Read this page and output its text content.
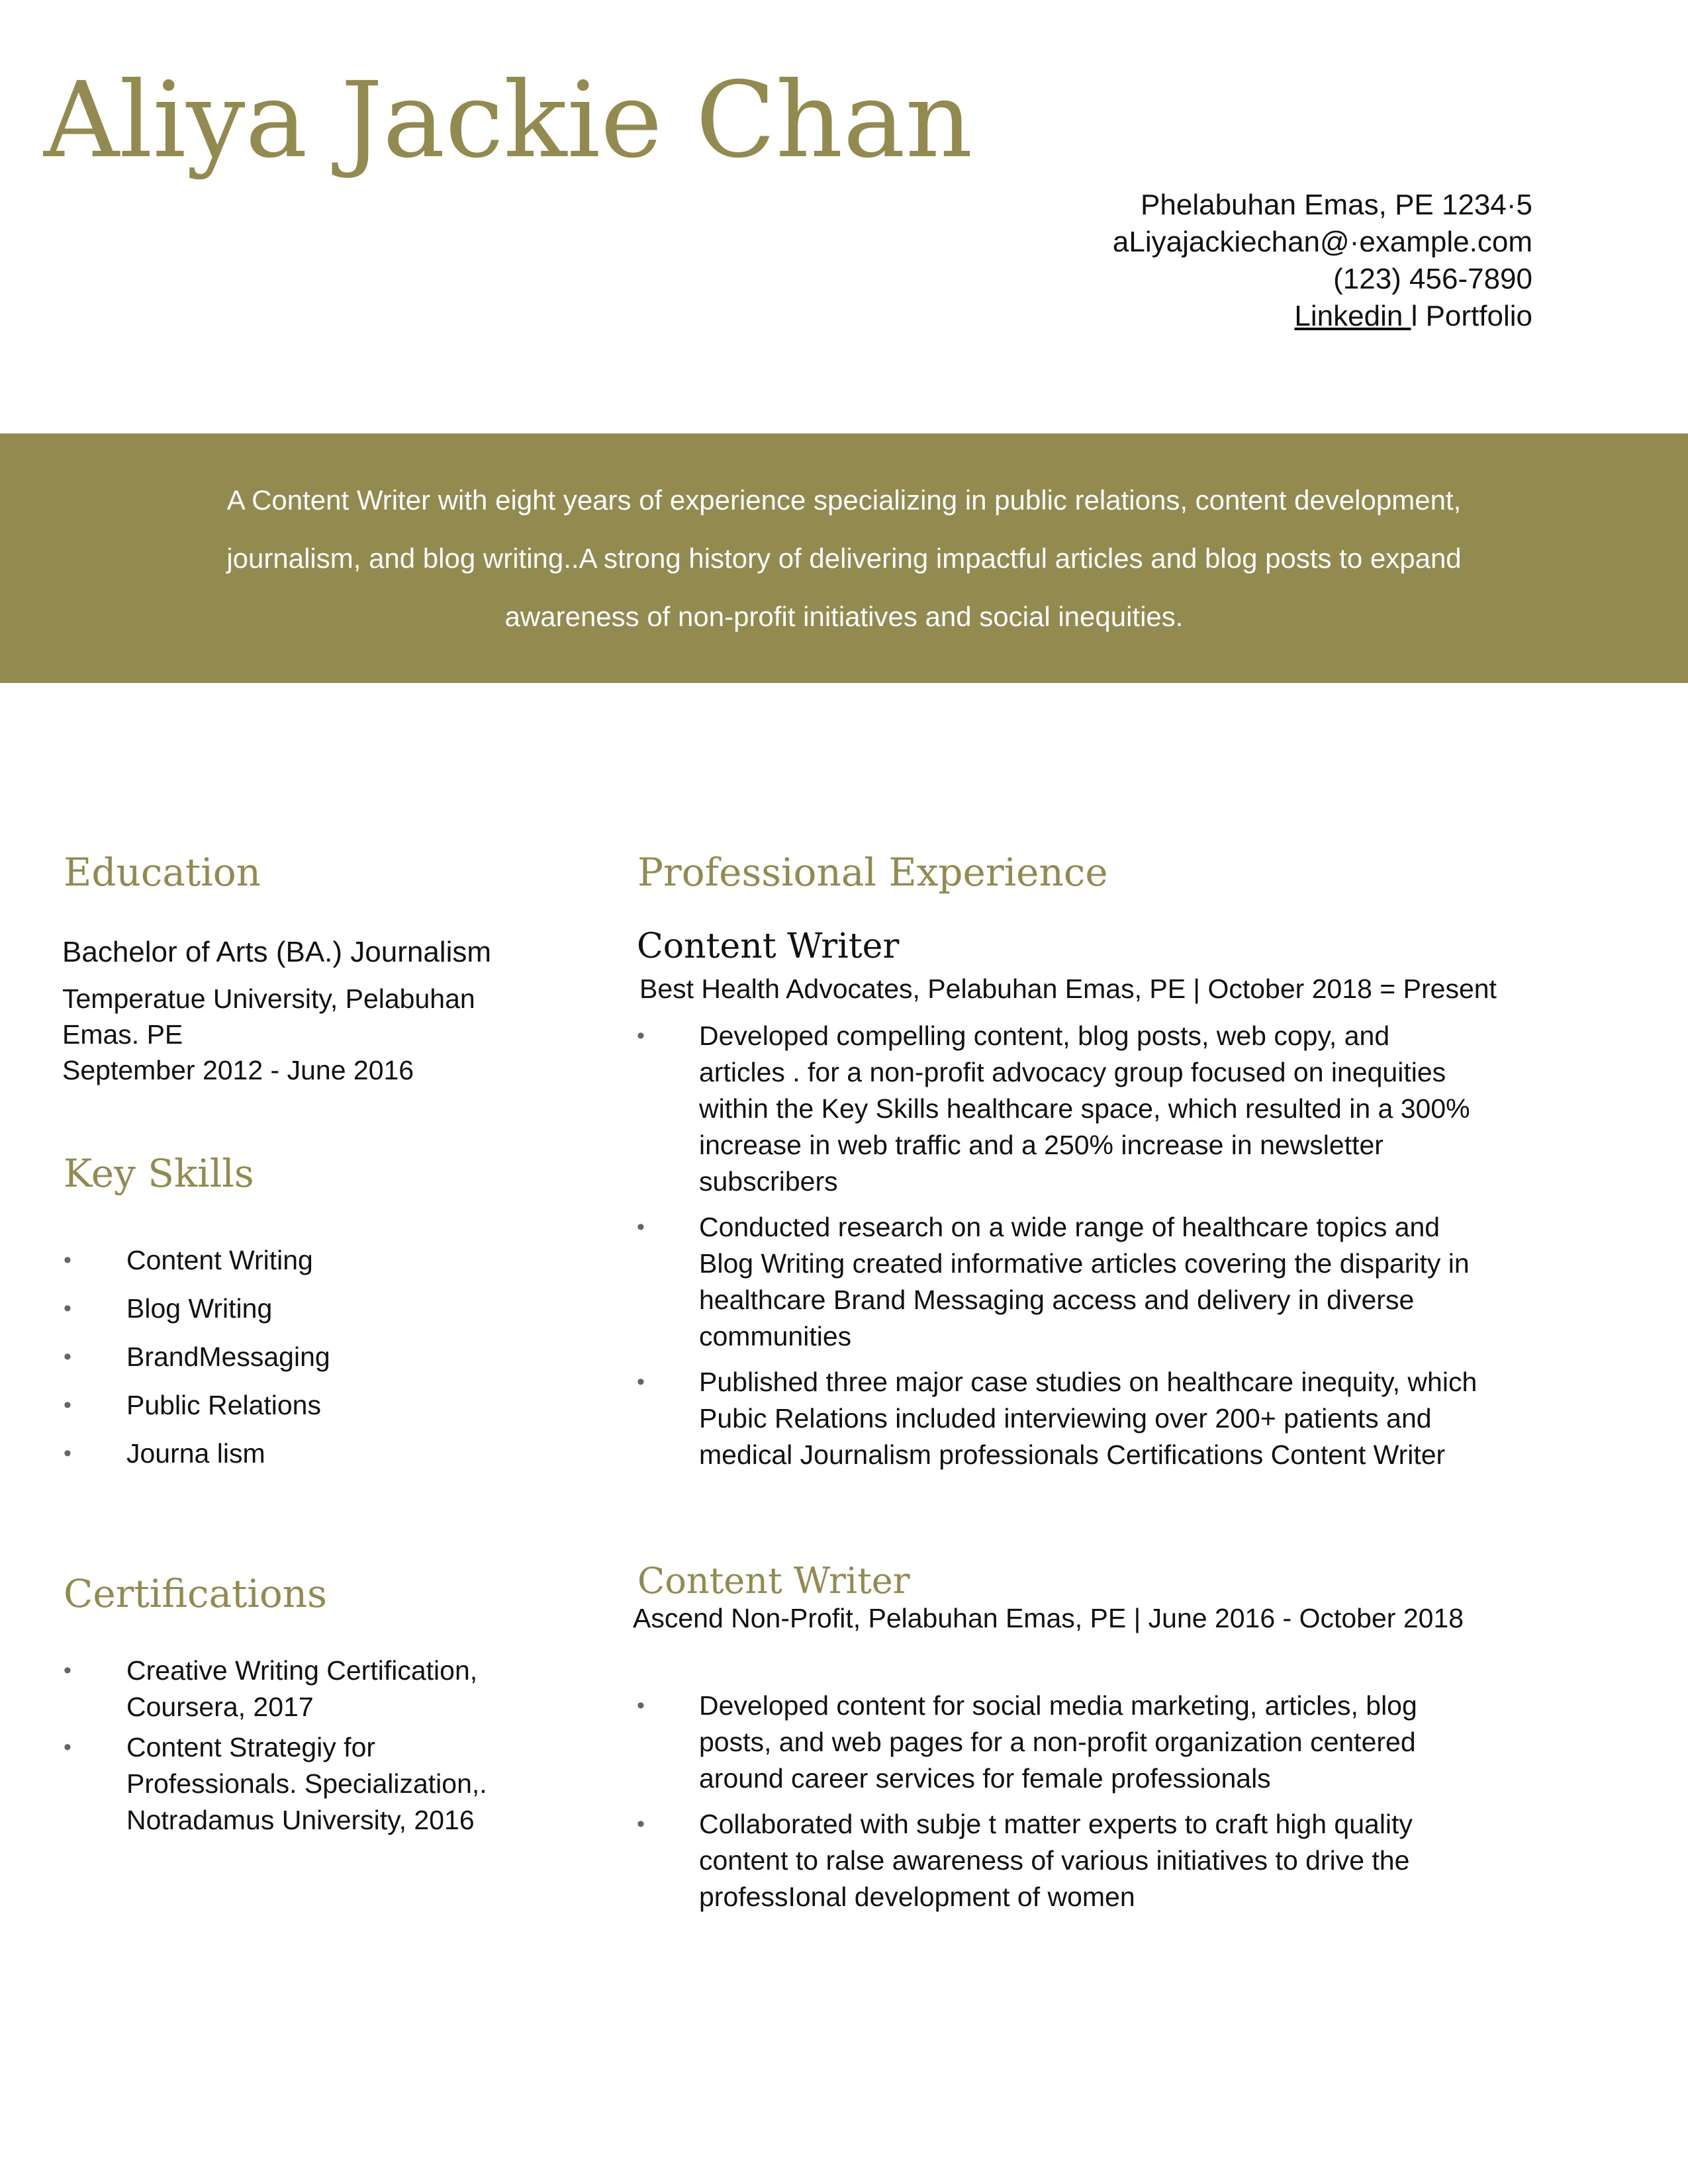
Aliya Jackie Chan
Phelabuhan Emas, PE 1234·5
aLiyajackiechan@·example.com
(123) 456-7890
Linkedin l Portfolio

A Content Writer with eight years of experience specializing in public relations, content development, journalism, and blog writing..A strong history of delivering impactful articles and blog posts to expand awareness of non-profit initiatives and social inequities.

Education
Bachelor of Arts (BA.) Journalism
Temperatue University, Pelabuhan Emas. PE
September 2012 - June 2016
Key Skills
• Content Writing
• Blog Writing
• BrandMessaging
• Public Relations
• Journa lism
Certifications
• Creative Writing Certification, Coursera, 2017
• Content Strategiy for Professionals. Specialization,. Notradamus University, 2016
Professional Experience
Content Writer
Best Health Advocates, Pelabuhan Emas, PE | October 2018 = Present
• Developed compelling content, blog posts, web copy, and articles . for a non-profit advocacy group focused on inequities within the Key Skills healthcare space, which resulted in a 300% increase in web traffic and a 250% increase in newsletter subscribers
• Conducted research on a wide range of healthcare topics and Blog Writing created informative articles covering the disparity in healthcare Brand Messaging access and delivery in diverse communities
• Published three major case studies on healthcare inequity, which Pubic Relations included interviewing over 200+ patients and medical Journalism professionals Certifications Content Writer
Content Writer
Ascend Non-Profit, Pelabuhan Emas, PE | June 2016 - October 2018
• Developed content for social media marketing, articles, blog posts, and web pages for a non-profit organization centered around career services for female professionals
• Collaborated with subje t matter experts to craft high quality content to ralse awareness of various initiatives to drive the professIonal development of women
